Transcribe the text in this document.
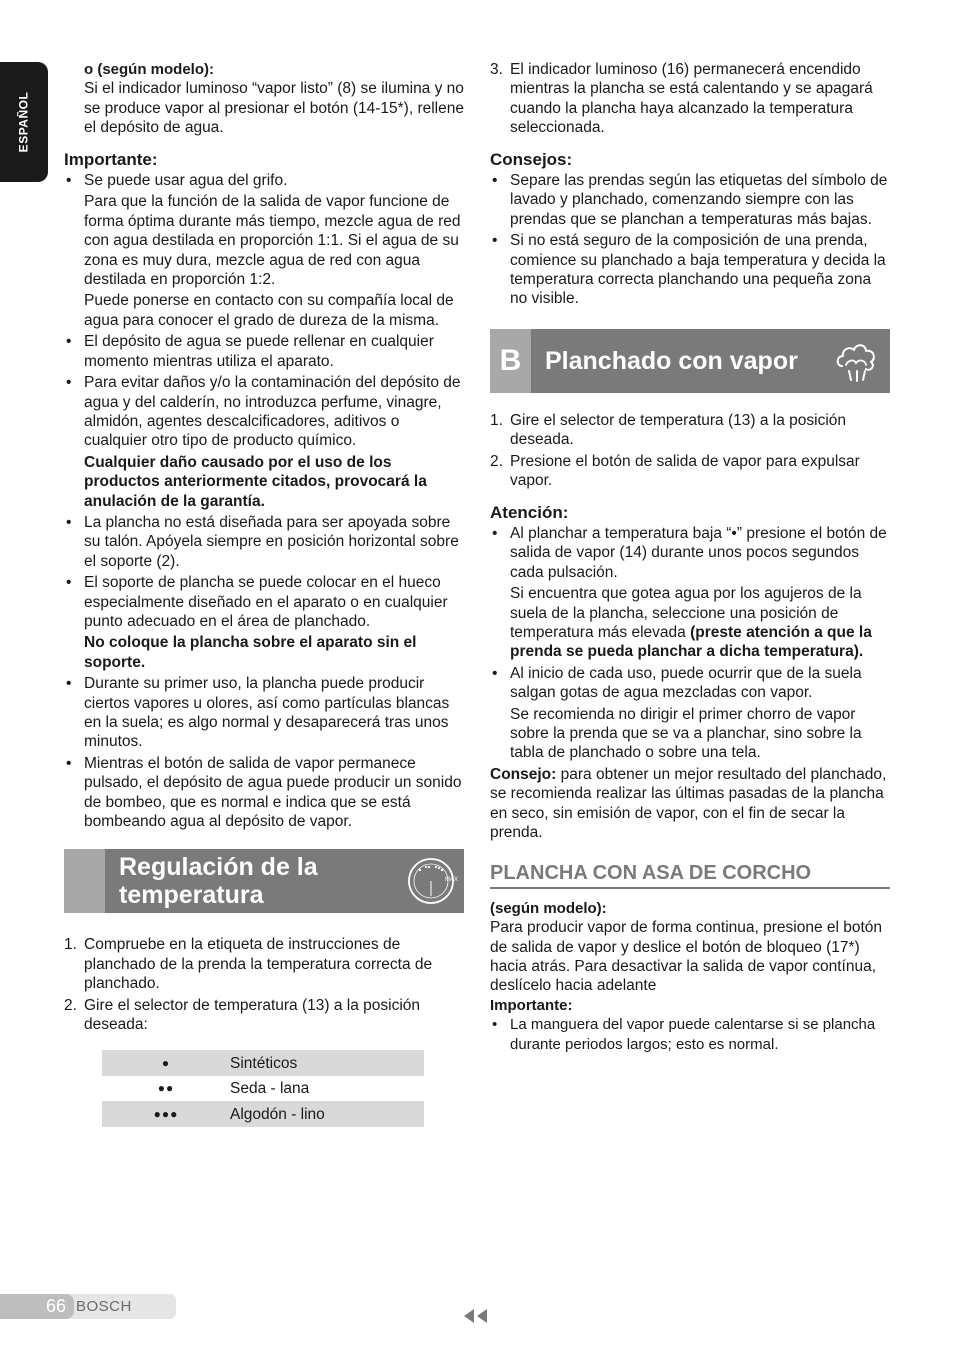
ESPAÑOL

o (según modelo):

Si el indicador luminoso “vapor listo” (8) se ilumina y no se produce vapor al presionar el botón (14-15*), rellene el depósito de agua.

Importante:

• Se puede usar agua del grifo.

Para que la función de la salida de vapor funcione de forma óptima durante más tiempo, mezcle agua de red con agua destilada en proporción 1:1. Si el agua de su zona es muy dura, mezcle agua de red con agua destilada en proporción 1:2.

Puede ponerse en contacto con su compañía local de agua para conocer el grado de dureza de la misma.

• El depósito de agua se puede rellenar en cualquier momento mientras utiliza el aparato.

• Para evitar daños y/o la contaminación del depósito de agua y del calderín, no introduzca perfume, vinagre, almidón, agentes descalcificadores, aditivos o cualquier otro tipo de producto químico.

Cualquier daño causado por el uso de los productos anteriormente citados, provocará la anulación de la garantía.

• La plancha no está diseñada para ser apoyada sobre su talón. Apóyela siempre en posición horizontal sobre el soporte (2).

• El soporte de plancha se puede colocar en el hueco especialmente diseñado en el aparato o en cualquier punto adecuado en el área de planchado.

No coloque la plancha sobre el aparato sin el soporte.

• Durante su primer uso, la plancha puede producir ciertos vapores u olores, así como partículas blancas en la suela; es algo normal y desaparecerá tras unos minutos.

• Mientras el botón de salida de vapor permanece pulsado, el depósito de agua puede producir un sonido de bombeo, que es normal e indica que se está bombeando agua al depósito de vapor.

Regulación de la
temperatura
MAX
1. Compruebe en la etiqueta de instrucciones de planchado de la prenda la temperatura correcta de planchado.
2. Gire el selector de temperatura (13) a la posición deseada:
●	Sintéticos
●●	Seda - lana
●●●	Algodón - lino
3. El indicador luminoso (16) permanecerá encendido mientras la plancha se está calentando y se apagará cuando la plancha haya alcanzado la temperatura seleccionada.

Consejos:

• Separe las prendas según las etiquetas del símbolo de lavado y planchado, comenzando siempre con las prendas que se planchan a temperaturas más bajas.

• Si no está seguro de la composición de una prenda, comience su planchado a baja temperatura y decida la temperatura correcta planchando una pequeña zona no visible.

B Planchado con vapor
1. Gire el selector de temperatura (13) a la posición deseada.
2. Presione el botón de salida de vapor para expulsar vapor.

Atención:

• Al planchar a temperatura baja “•” presione el botón de salida de vapor (14) durante unos pocos segundos cada pulsación.

Si encuentra que gotea agua por los agujeros de la suela de la plancha, seleccione una posición de temperatura más elevada (preste atención a que la prenda se pueda planchar a dicha temperatura).

• Al inicio de cada uso, puede ocurrir que de la suela salgan gotas de agua mezcladas con vapor.

Se recomienda no dirigir el primer chorro de vapor sobre la prenda que se va a planchar, sino sobre la tabla de planchado o sobre una tela.

Consejo: para obtener un mejor resultado del planchado, se recomienda realizar las últimas pasadas de la plancha en seco, sin emisión de vapor, con el fin de secar la prenda.

PLANCHA CON ASA DE CORCHO

(según modelo):

Para producir vapor de forma continua, presione el botón de salida de vapor y deslice el botón de bloqueo (17*) hacia atrás. Para desactivar la salida de vapor contínua, deslícelo hacia adelante

Importante:

• La manguera del vapor puede calentarse si se plancha durante periodos largos; esto es normal.

66 BOSCH
